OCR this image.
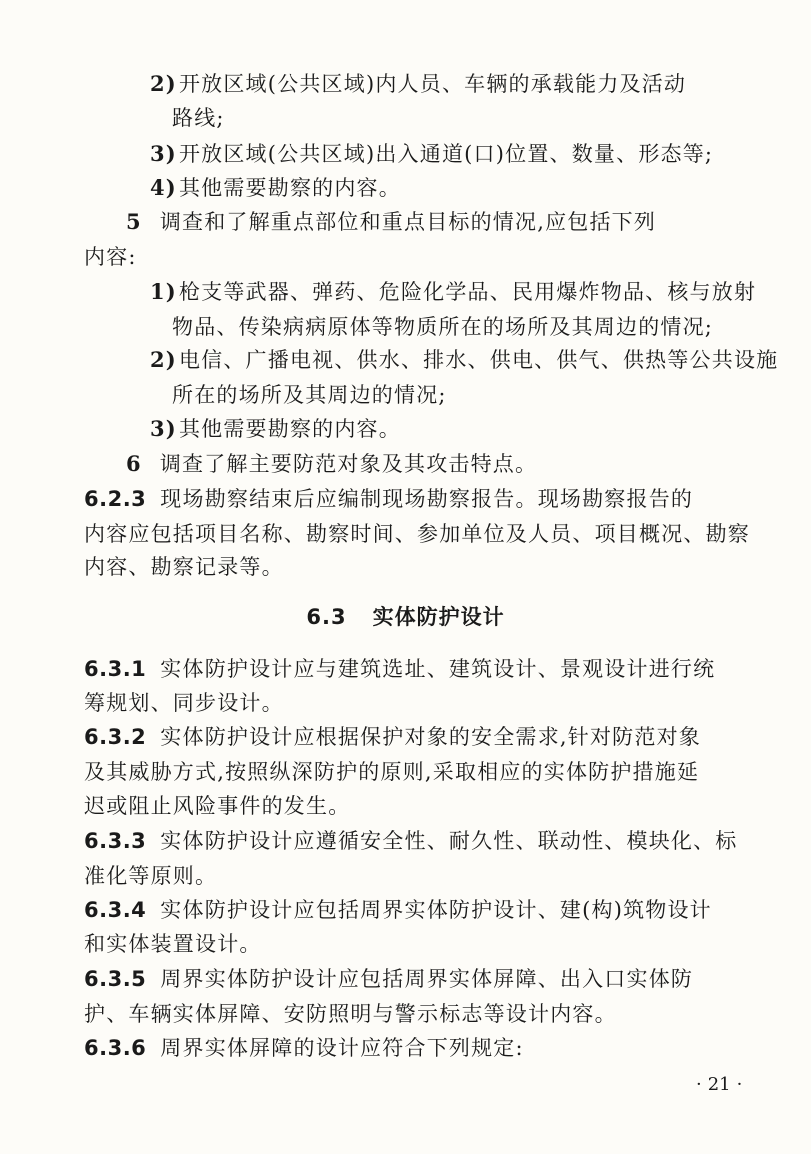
2)开放区域(公共区域)内人员、车辆的承载能力及活动
路线;
3)开放区域(公共区域)出入通道(口)位置、数量、形态等;
4)其他需要勘察的内容。
5 调查和了解重点部位和重点目标的情况,应包括下列
内容:
1)枪支等武器、弹药、危险化学品、民用爆炸物品、核与放射
物品、传染病病原体等物质所在的场所及其周边的情况;
2)电信、广播电视、供水、排水、供电、供气、供热等公共设施
所在的场所及其周边的情况;
3)其他需要勘察的内容。
6 调查了解主要防范对象及其攻击特点。
6.2.3 现场勘察结束后应编制现场勘察报告。现场勘察报告的
内容应包括项目名称、勘察时间、参加单位及人员、项目概况、勘察
内容、勘察记录等。
6.3 实体防护设计
6.3.1 实体防护设计应与建筑选址、建筑设计、景观设计进行统
筹规划、同步设计。
6.3.2 实体防护设计应根据保护对象的安全需求,针对防范对象
及其威胁方式,按照纵深防护的原则,采取相应的实体防护措施延
迟或阻止风险事件的发生。
6.3.3 实体防护设计应遵循安全性、耐久性、联动性、模块化、标
准化等原则。
6.3.4 实体防护设计应包括周界实体防护设计、建(构)筑物设计
和实体装置设计。
6.3.5 周界实体防护设计应包括周界实体屏障、出入口实体防
护、车辆实体屏障、安防照明与警示标志等设计内容。
6.3.6 周界实体屏障的设计应符合下列规定:
· 21 ·
